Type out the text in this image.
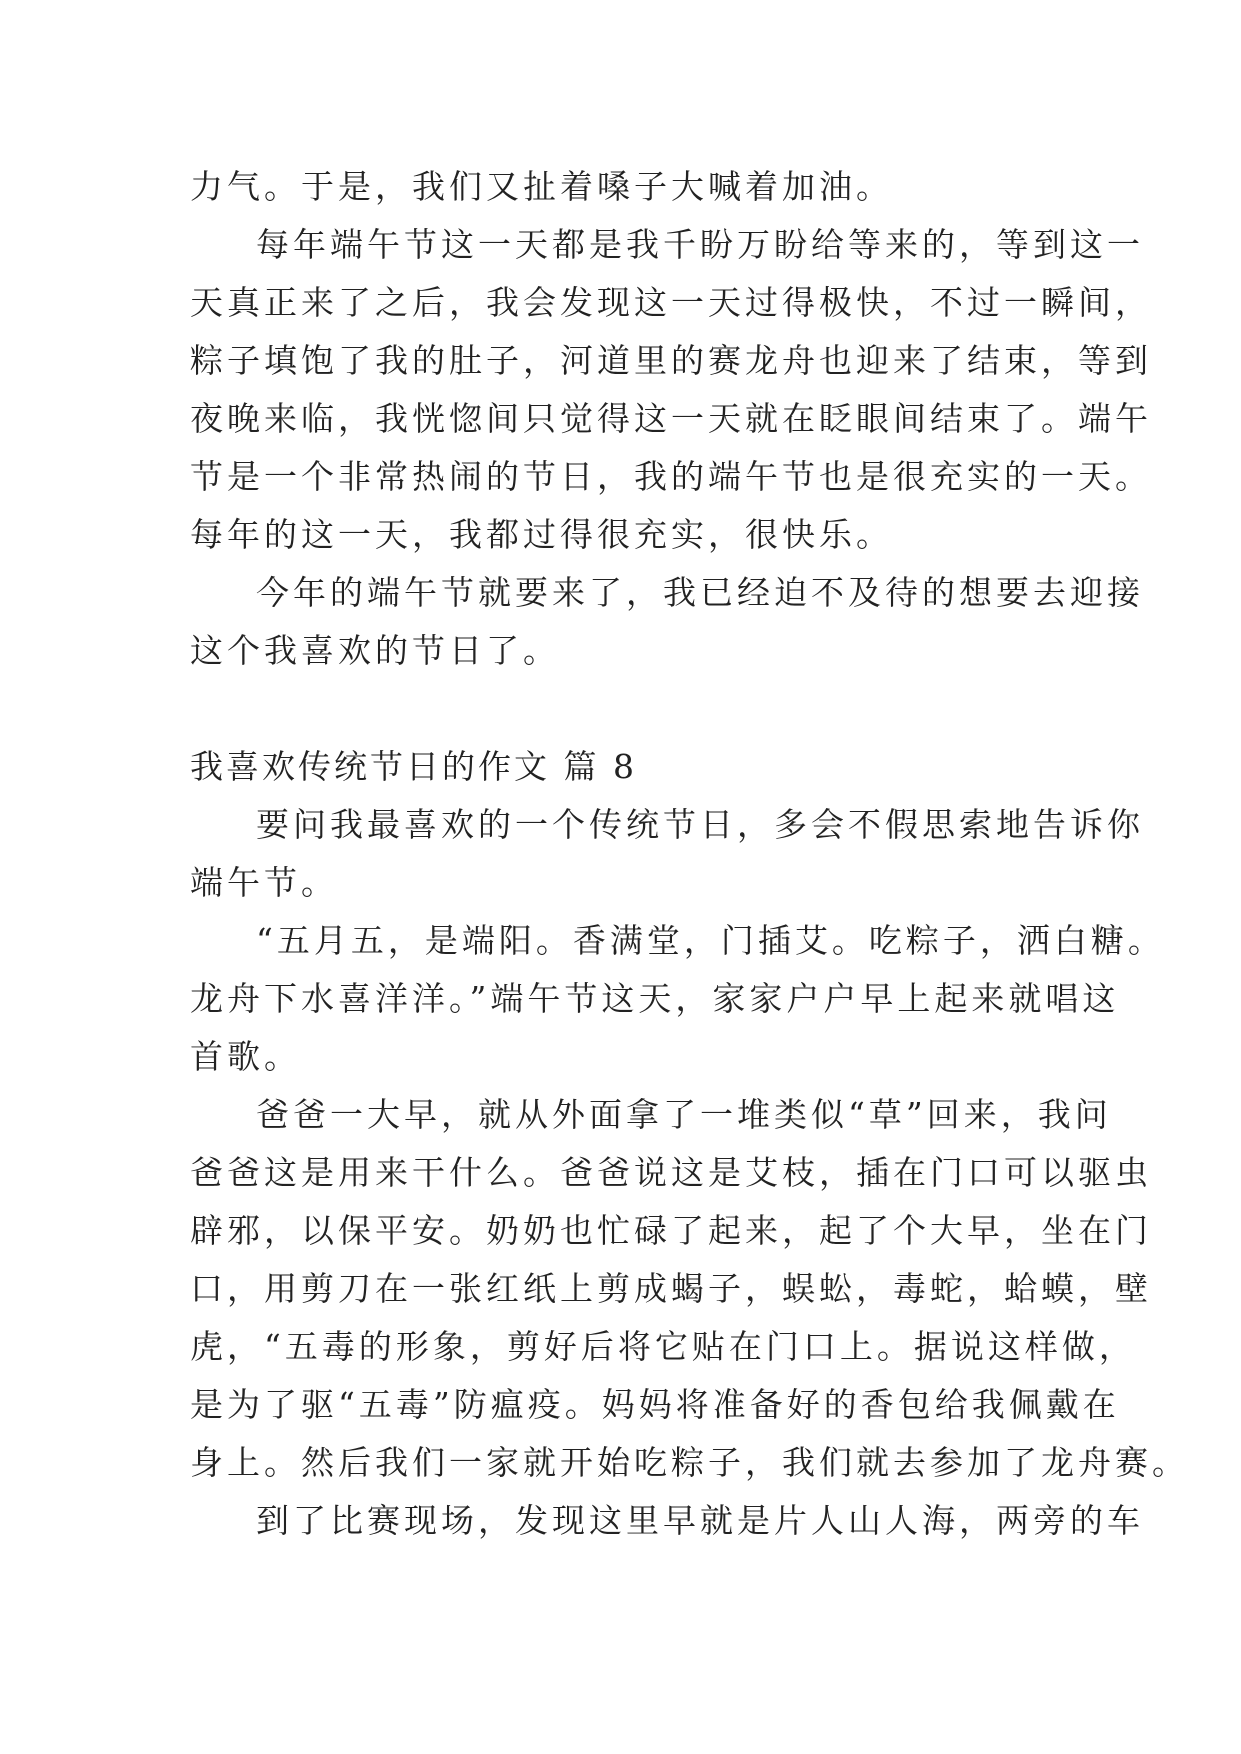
力气。于是，我们又扯着嗓子大喊着加油。
每年端午节这一天都是我千盼万盼给等来的，等到这一
天真正来了之后，我会发现这一天过得极快，不过一瞬间，
粽子填饱了我的肚子，河道里的赛龙舟也迎来了结束，等到
夜晚来临，我恍惚间只觉得这一天就在眨眼间结束了。端午
节是一个非常热闹的节日，我的端午节也是很充实的一天。
每年的这一天，我都过得很充实，很快乐。
今年的端午节就要来了，我已经迫不及待的想要去迎接
这个我喜欢的节日了。
我喜欢传统节日的作文 篇 8
要问我最喜欢的一个传统节日，多会不假思索地告诉你
端午节。
“五月五，是端阳。香满堂，门插艾。吃粽子，洒白糖。
龙舟下水喜洋洋。”端午节这天，家家户户早上起来就唱这
首歌。
爸爸一大早，就从外面拿了一堆类似“草”回来，我问
爸爸这是用来干什么。爸爸说这是艾枝，插在门口可以驱虫
辟邪，以保平安。奶奶也忙碌了起来，起了个大早，坐在门
口，用剪刀在一张红纸上剪成蝎子，蜈蚣，毒蛇，蛤蟆，壁
虎，“五毒的形象，剪好后将它贴在门口上。据说这样做，
是为了驱“五毒”防瘟疫。妈妈将准备好的香包给我佩戴在
身上。然后我们一家就开始吃粽子，我们就去参加了龙舟赛。
到了比赛现场，发现这里早就是片人山人海，两旁的车
